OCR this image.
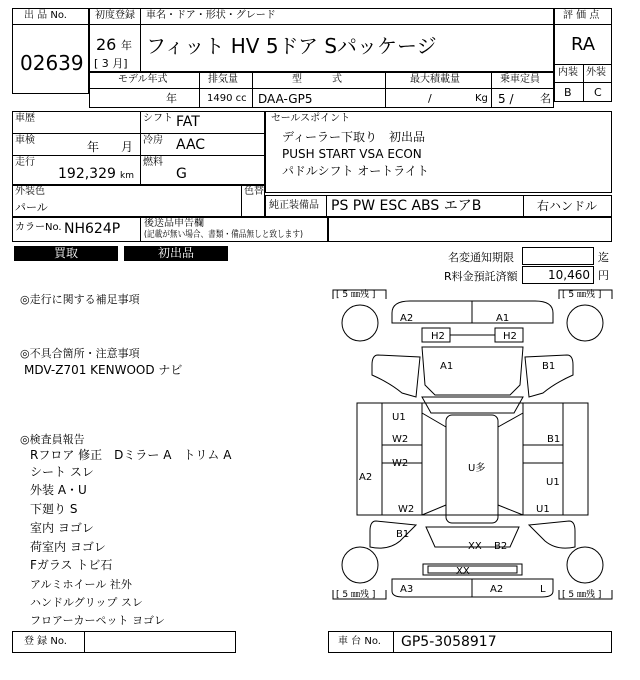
出 品 No.
02639
初度登録 車名・ドア・形状・グレード
26 年
[ 3 月]
フィット HV 5ドア Sパッケージ
モデル年式	排気量	型　　　式	最大積載量	乗車定員
年	1490 cc DAA-GP5	/	Kg 5 / 名
評 価 点
RA
内装 外装
B C
車歴	シフト FAT
車検	年 月 冷房 AAC
走行
192,329 km
燃料
G
外装色
パール
色替
カラーNo. NH624P 後送品申告欄
(記載が無い場合、書類・備品無しと致します)
セールスポイント
ディーラー下取り　初出品
PUSH START VSA ECON
パドルシフト オートライト
純正装備品 PS PW ESC ABS エアB	右ハンドル
買取	初出品	名変通知期限	迄
R料金預託済額	10,460 円
◎走行に関する補足事項
◎不具合箇所・注意事項
MDV-Z701 KENWOOD ナビ
◎検査員報告
Rフロア 修正　Dミラー A　トリム A
シート スレ
外装 A・U
下廻り S
室内 ヨゴレ
荷室内 ヨゴレ
Fガラス トビ石
アルミホイール 社外
ハンドルグリップ スレ
フロアーカーペット ヨゴレ
[ 5 ㎜残 ]	[ 5 ㎜残 ]
[ 5 ㎜残 ]	[ 5 ㎜残 ]
A2	A1
H2	H2
A1	B1
U1
W2	B1
W2
U1
U多
A2
U1
W2
B1
XX B2
XX
A3	A2	L
登 録 No.	車 台 No. GP5-3058917
